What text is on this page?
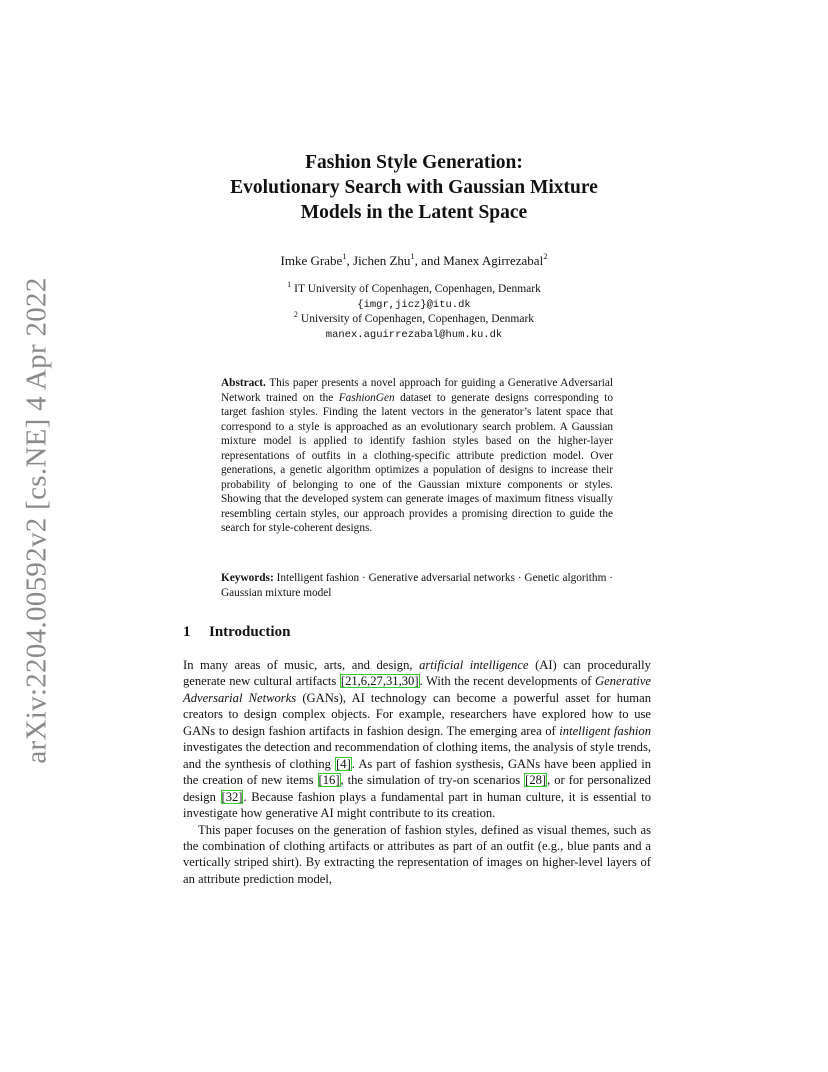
arXiv:2204.00592v2 [cs.NE] 4 Apr 2022
Fashion Style Generation:
Evolutionary Search with Gaussian Mixture
Models in the Latent Space
Imke Grabe$^1$, Jichen Zhu$^1$, and Manex Agirrezabal$^2$
$^1$ IT University of Copenhagen, Copenhagen, Denmark
{imgr,jicz}@itu.dk
$^2$ University of Copenhagen, Copenhagen, Denmark
manex.aguirrezabal@hum.ku.dk
Abstract. This paper presents a novel approach for guiding a Generative Adversarial Network trained on the FashionGen dataset to generate designs corresponding to target fashion styles. Finding the latent vectors in the generator’s latent space that correspond to a style is approached as an evolutionary search problem. A Gaussian mixture model is applied to identify fashion styles based on the higher-layer representations of outfits in a clothing-specific attribute prediction model. Over generations, a genetic algorithm optimizes a population of designs to increase their probability of belonging to one of the Gaussian mixture components or styles. Showing that the developed system can generate images of maximum fitness visually resembling certain styles, our approach provides a promising direction to guide the search for style-coherent designs.
Keywords: Intelligent fashion · Generative adversarial networks · Genetic algorithm · Gaussian mixture model
1 Introduction

In many areas of music, arts, and design, artificial intelligence (AI) can procedurally generate new cultural artifacts [21,6,27,31,30]. With the recent developments of Generative Adversarial Networks (GANs), AI technology can become a powerful asset for human creators to design complex objects. For example, researchers have explored how to use GANs to design fashion artifacts in fashion design. The emerging area of intelligent fashion investigates the detection and recommendation of clothing items, the analysis of style trends, and the synthesis of clothing [4]. As part of fashion systhesis, GANs have been applied in the creation of new items [16], the simulation of try-on scenarios [28], or for personalized design [32]. Because fashion plays a fundamental part in human culture, it is essential to investigate how generative AI might contribute to its creation.

This paper focuses on the generation of fashion styles, defined as visual themes, such as the combination of clothing artifacts or attributes as part of an outfit (e.g., blue pants and a vertically striped shirt). By extracting the representation of images on higher-level layers of an attribute prediction model,
